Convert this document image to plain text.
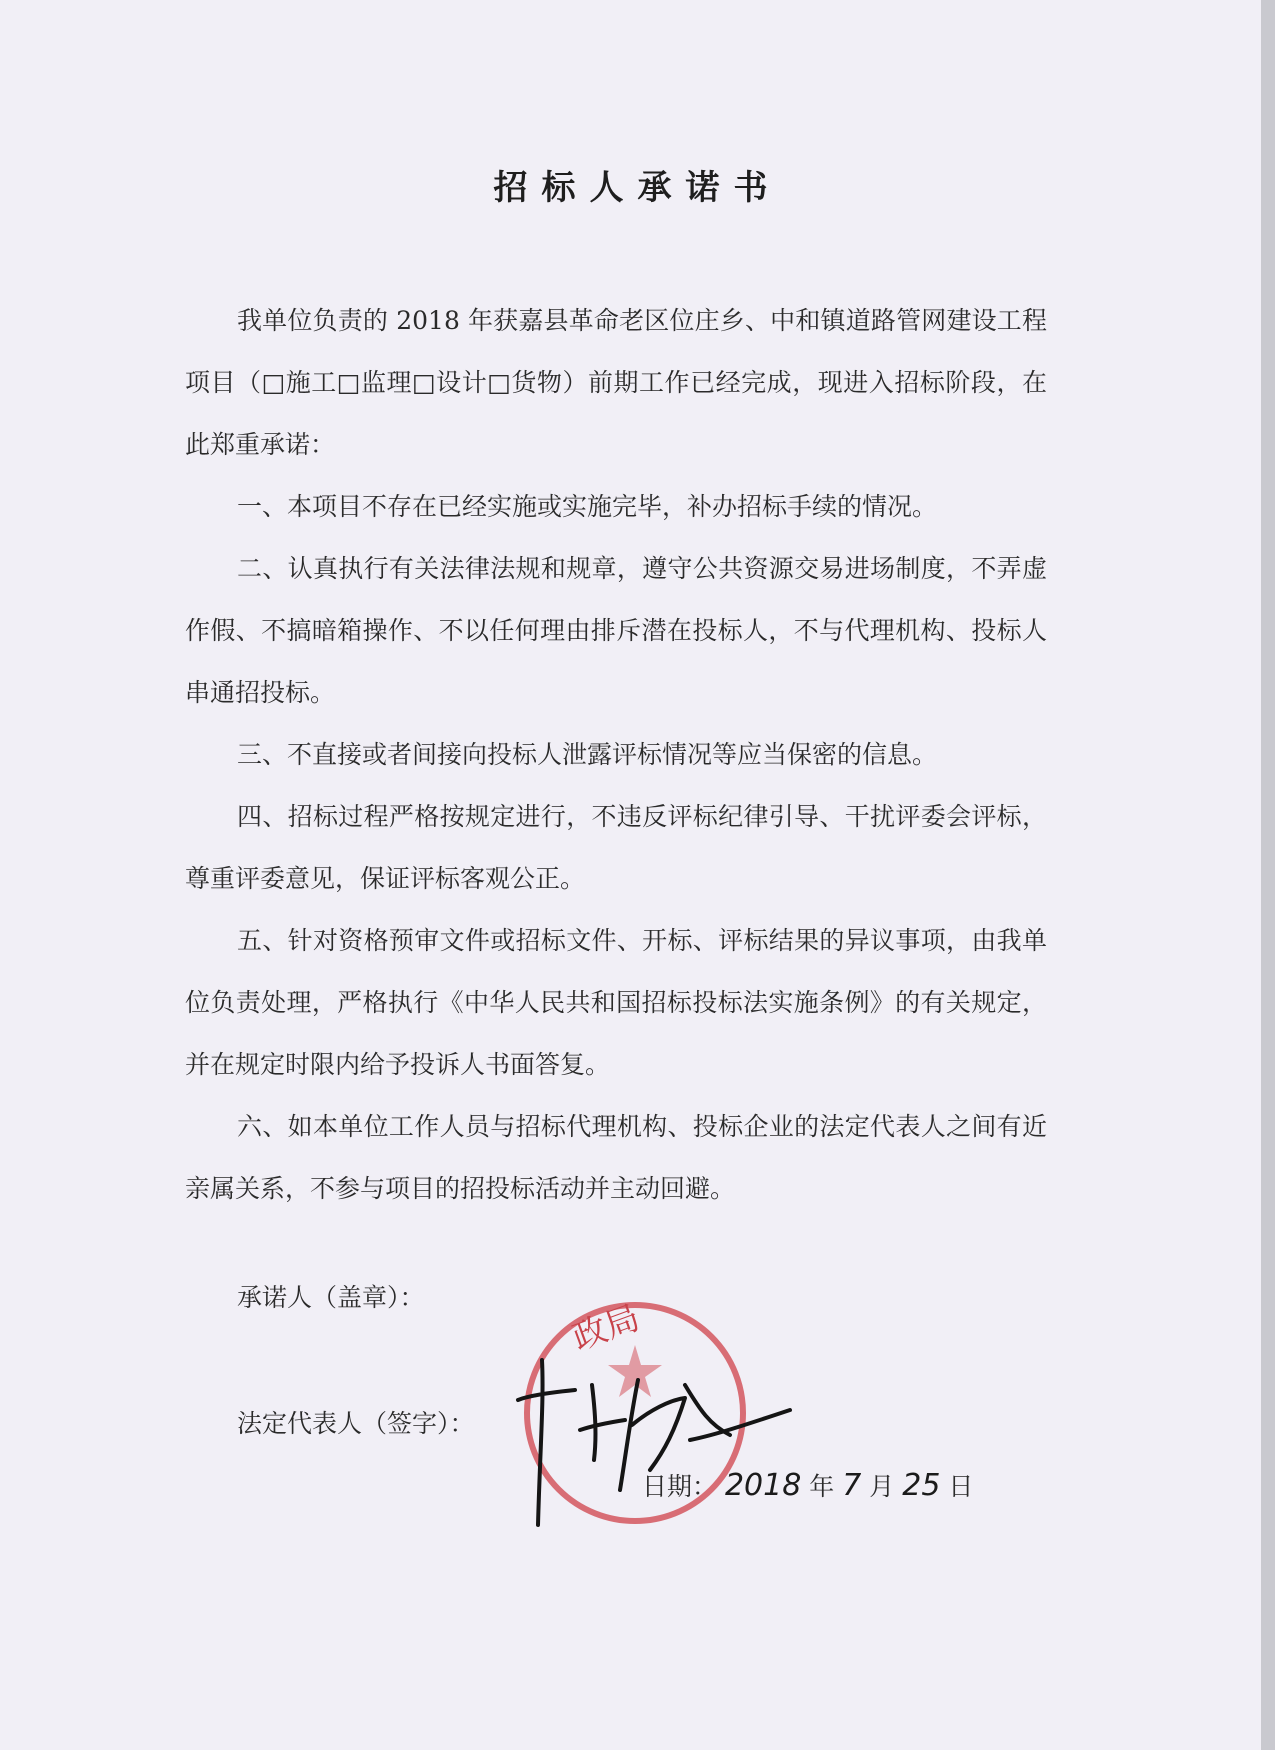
招标人承诺书

我单位负责的 2018 年获嘉县革命老区位庄乡、中和镇道路管网建设工程项目（□施工□监理□设计□货物）前期工作已经完成，现进入招标阶段，在此郑重承诺：

一、本项目不存在已经实施或实施完毕，补办招标手续的情况。

二、认真执行有关法律法规和规章，遵守公共资源交易进场制度，不弄虚作假、不搞暗箱操作、不以任何理由排斥潜在投标人，不与代理机构、投标人串通招投标。

三、不直接或者间接向投标人泄露评标情况等应当保密的信息。

四、招标过程严格按规定进行，不违反评标纪律引导、干扰评委会评标，尊重评委意见，保证评标客观公正。

五、针对资格预审文件或招标文件、开标、评标结果的异议事项，由我单位负责处理，严格执行《中华人民共和国招标投标法实施条例》的有关规定，并在规定时限内给予投诉人书面答复。

六、如本单位工作人员与招标代理机构、投标企业的法定代表人之间有近亲属关系，不参与项目的招投标活动并主动回避。

承诺人（盖章）：
法定代表人（签字）：
政局
日期： 2018 年 7 月 25 日
